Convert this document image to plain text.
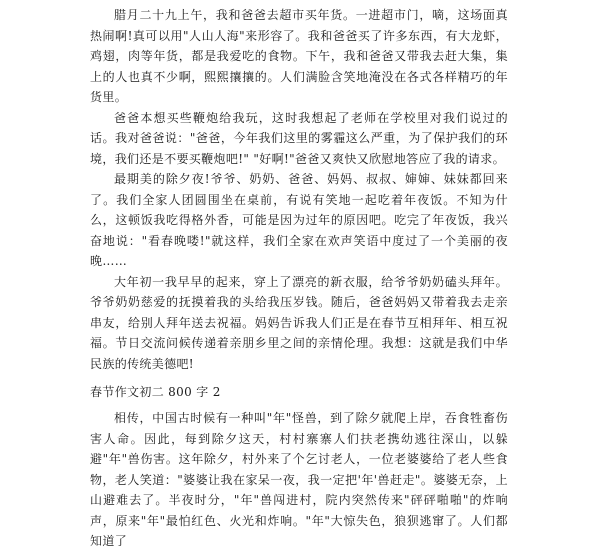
腊月二十九上午，我和爸爸去超市买年货。一进超市门，嘀，这场面真热闹啊!真可以用"人山人海"来形容了。我和爸爸买了许多东西，有大龙虾，鸡翅，肉等年货，都是我爱吃的食物。下午，我和爸爸又带我去赶大集，集上的人也真不少啊，熙熙攘攘的。人们满脸含笑地淹没在各式各样精巧的年货里。

爸爸本想买些鞭炮给我玩，这时我想起了老师在学校里对我们说过的话。我对爸爸说："爸爸，今年我们这里的雾霾这么严重，为了保护我们的环境，我们还是不要买鞭炮吧!" "好啊!"爸爸又爽快又欣慰地答应了我的请求。

最期美的除夕夜!爷爷、奶奶、爸爸、妈妈、叔叔、婶婶、妹妹都回来了。我们全家人团圆围坐在桌前，有说有笑地一起吃着年夜饭。不知为什么，这顿饭我吃得格外香，可能是因为过年的原因吧。吃完了年夜饭，我兴奋地说："看春晚喽!"就这样，我们全家在欢声笑语中度过了一个美丽的夜晚……

大年初一我早早的起来，穿上了漂亮的新衣服，给爷爷奶奶磕头拜年。爷爷奶奶慈爱的抚摸着我的头给我压岁钱。随后，爸爸妈妈又带着我去走亲串友，给别人拜年送去祝福。妈妈告诉我人们正是在春节互相拜年、相互祝福。节日交流问候传递着亲朋乡里之间的亲情伦理。我想：这就是我们中华民族的传统美德吧!

春节作文初二 800 字 2

相传，中国古时候有一种叫"年"怪兽，到了除夕就爬上岸，吞食牲畜伤害人命。因此，每到除夕这天，村村寨寨人们扶老携幼逃往深山，以躲避"年"兽伤害。这年除夕，村外来了个乞讨老人，一位老婆婆给了老人些食物，老人笑道："婆婆让我在家呆一夜，我一定把'年'兽赶走"。婆婆无奈，上山避难去了。半夜时分，"年"兽闯进村，院内突然传来"砰砰啪啪"的炸响声，原来"年"最怕红色、火光和炸响。"年"大惊失色，狼狈逃窜了。人们都知道了
